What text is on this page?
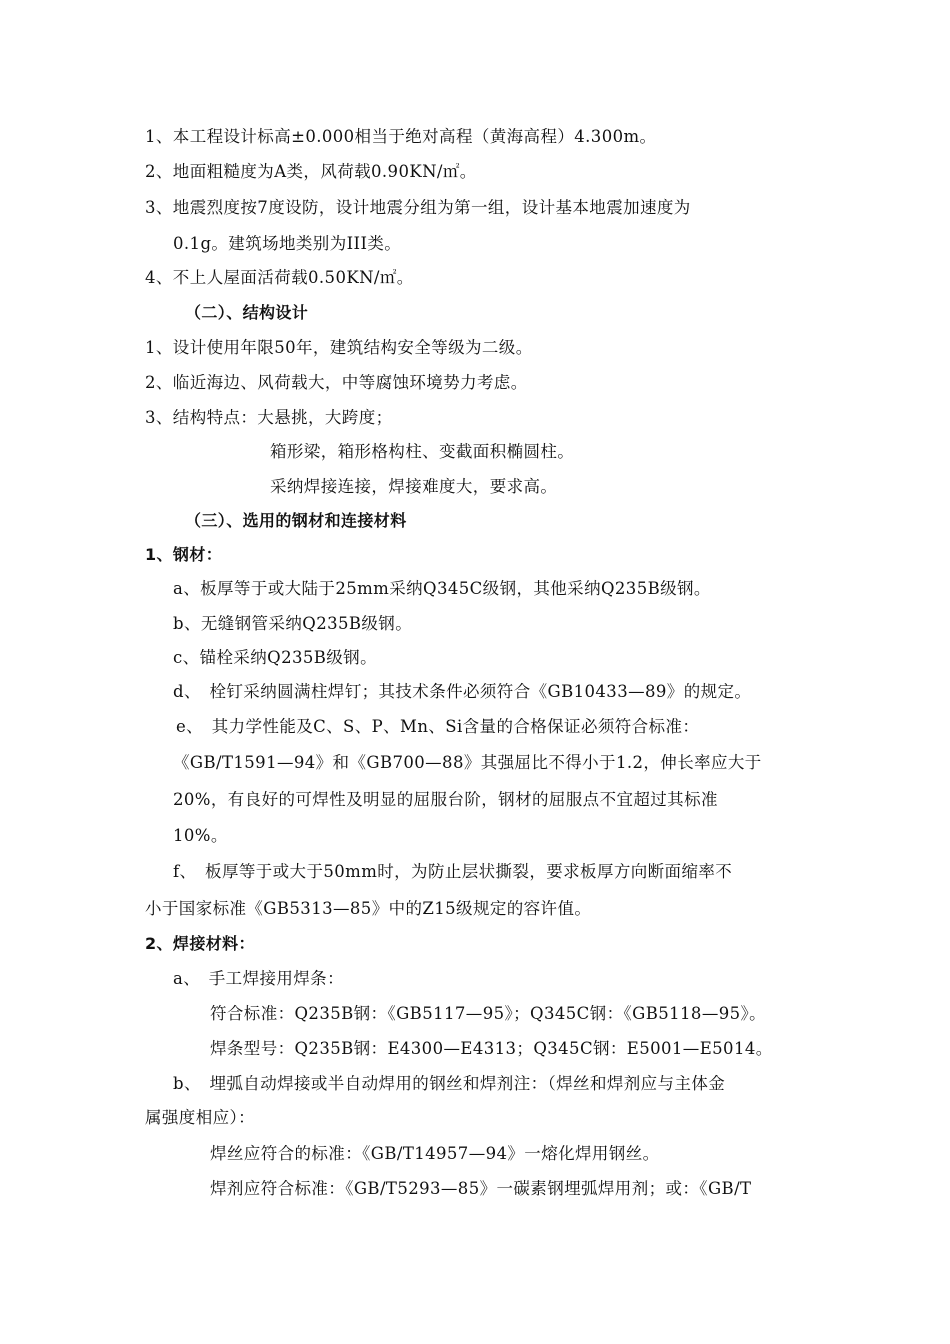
1、本工程设计标高±0.000相当于绝对高程（黄海高程）4.300m。
2、地面粗糙度为A类，风荷载0.90KN/㎡。
3、地震烈度按7度设防，设计地震分组为第一组，设计基本地震加速度为
0.1g。建筑场地类别为III类。
4、不上人屋面活荷载0.50KN/㎡。
（二）、结构设计
1、设计使用年限50年，建筑结构安全等级为二级。
2、临近海边、风荷载大，中等腐蚀环境势力考虑。
3、结构特点：大悬挑，大跨度；
箱形梁，箱形格构柱、变截面积椭圆柱。
采纳焊接连接，焊接难度大，要求高。
（三）、选用的钢材和连接材料
1、钢材：
a、板厚等于或大陆于25mm采纳Q345C级钢，其他采纳Q235B级钢。
b、无缝钢管采纳Q235B级钢。
c、锚栓采纳Q235B级钢。
d、　栓钉采纳圆满柱焊钉；其技术条件必须符合《GB10433—89》的规定。
e、　其力学性能及C、S、P、Mn、Si含量的合格保证必须符合标准：
《GB/T1591—94》和《GB700—88》其强屈比不得小于1.2，伸长率应大于
20%，有良好的可焊性及明显的屈服台阶，钢材的屈服点不宜超过其标准
10%。
f、　板厚等于或大于50mm时，为防止层状撕裂，要求板厚方向断面缩率不
小于国家标准《GB5313—85》中的Z15级规定的容许值。
2、焊接材料：
a、　手工焊接用焊条：
符合标准：Q235B钢：《GB5117—95》；Q345C钢：《GB5118—95》。
焊条型号：Q235B钢：E4300—E4313；Q345C钢：E5001—E5014。
b、　埋弧自动焊接或半自动焊用的钢丝和焊剂注：（焊丝和焊剂应与主体金
属强度相应）：
焊丝应符合的标准：《GB/T14957—94》一熔化焊用钢丝。
焊剂应符合标准：《GB/T5293—85》一碳素钢埋弧焊用剂；或：《GB/T
